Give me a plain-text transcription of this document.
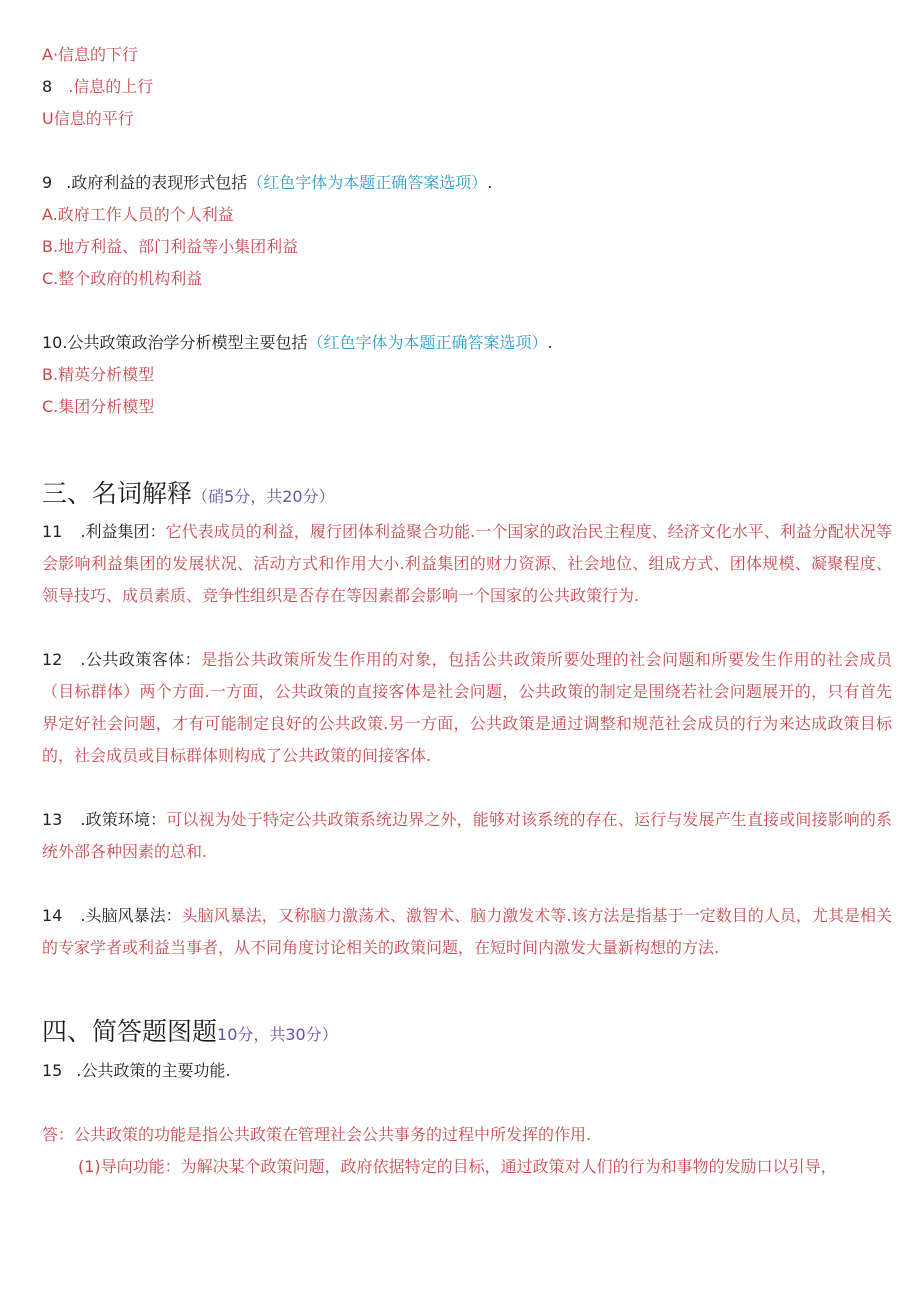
A·信息的下行
8 .信息的上行
U信息的平行
9 .政府利益的表现形式包括（红色字体为本题正确答案选项）.
A.政府工作人员的个人利益
B.地方利益、部门利益等小集团利益
C.整个政府的机构利益
10.公共政策政治学分析模型主要包括（红色字体为本题正确答案选项）.
B.精英分析模型
C.集团分析模型
三、名词解释（硝5分，共20分）
11 .利益集团：它代表成员的利益，履行团体利益聚合功能.一个国家的政治民主程度、经济文化水平、利益分配状况等会影响利益集团的发展状况、活动方式和作用大小.利益集团的财力资源、社会地位、组成方式、团体规模、凝聚程度、领导技巧、成员素质、竞争性组织是否存在等因素都会影响一个国家的公共政策行为.
12 .公共政策客体：是指公共政策所发生作用的对象，包括公共政策所要处理的社会问题和所要发生作用的社会成员（目标群体）两个方面.一方面，公共政策的直接客体是社会问题，公共政策的制定是围绕若社会问题展开的，只有首先界定好社会问题，才有可能制定良好的公共政策.另一方面，公共政策是通过调整和规范社会成员的行为来达成政策目标的，社会成员或目标群体则构成了公共政策的间接客体.
13 .政策环境：可以视为处于特定公共政策系统边界之外，能够对该系统的存在、运行与发展产生直接或间接影响的系统外部各种因素的总和.
14 .头脑风暴法：头脑风暴法，又称脑力激荡术、激智术、脑力激发术等.该方法是指基于一定数目的人员，尤其是相关的专家学者或利益当事者，从不同角度讨论相关的政策问题，在短时间内激发大量新构想的方法.
四、简答题图题10分，共30分）
15 .公共政策的主要功能.
答：公共政策的功能是指公共政策在管理社会公共事务的过程中所发挥的作用.
(1)导向功能：为解决某个政策问题，政府依据特定的目标，通过政策对人们的行为和事物的发励口以引导，
